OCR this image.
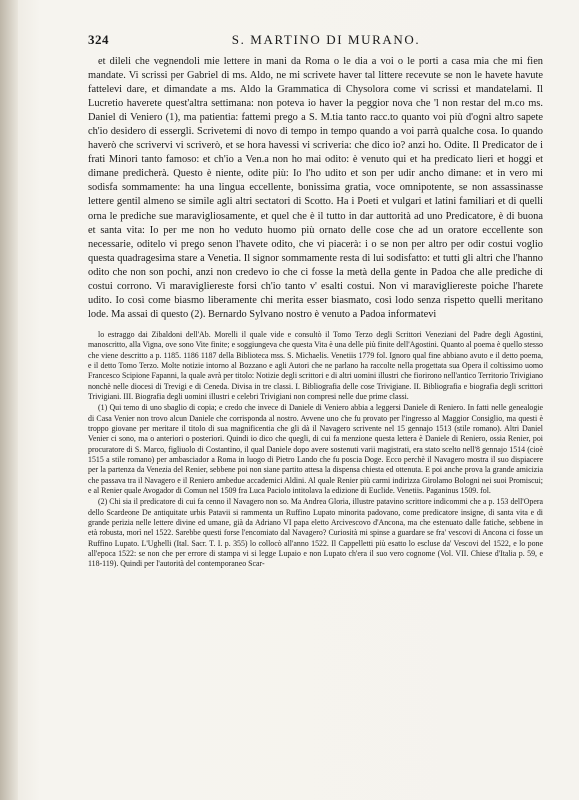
324	S. MARTINO DI MURANO.

et dileli che vegnendoli mie lettere in mani da Roma o le dia a voi o le porti a casa mia che mi fien mandate. Vi scrissi per Gabriel di ms. Aldo, ne mi scrivete haver tal littere recevute se non le havete havute fattelevi dare, et dimandate a ms. Aldo la Grammatica di Chysolora come vi scrissi et mandatelami. Il Lucretio haverete quest'altra settimana: non poteva io haver la peggior nova che 'l non restar del m.co ms. Daniel di Veniero (1), ma patientia: fattemi prego a S. M.tia tanto racc.to quanto voi più d'ogni altro sapete ch'io desidero di essergli. Scrivetemi di novo di tempo in tempo quando a voi parrà qualche cosa. Io quando haverò che scrivervi vi scriverò, et se hora havessi vi scriveria: che dico io? anzi ho. Odite. Il Predicator de i frati Minori tanto famoso: et ch'io a Ven.a non ho mai odito: è venuto qui et ha predicato lieri et hoggi et dimane predicherà. Questo è niente, odite più: Io l'ho udito et son per udir ancho dimane: et in vero mi sodisfa sommamente: ha una lingua eccellente, bonissima gratia, voce omnipotente, se non assassinasse lettere gentil almeno se simile agli altri sectatori di Scotto. Ha i Poeti et vulgari et latini familiari et di quelli orna le prediche sue maravigliosamente, et quel che è il tutto in dar auttorità ad uno Predicatore, è di buona et santa vita: Io per me non ho veduto huomo più ornato delle cose che ad un oratore eccellente son necessarie, oditelo vi prego senon l'havete odito, che vi piacerà: i o se non per altro per odir costui voglio questa quadragesima stare a Venetia. Il signor sommamente resta di lui sodisfatto: et tutti gli altri che l'hanno odito che non son pochi, anzi non credevo io che ci fosse la metà della gente in Padoa che alle prediche di costui corrono. Vi maravigliereste forsi ch'io tanto v' esalti costui. Non vi maravigliereste poiche l'harete udito. Io così come biasmo liberamente chi merita esser biasmato, così lodo senza rispetto quelli meritano lode. Ma assai di questo (2). Bernardo Sylvano nostro è venuto a Padoa informatevi

lo estraggo dai Zibaldoni dell'Ab. Morelli il quale vide e consultò il Tomo Terzo degli Scrittori Veneziani del Padre degli Agostini, manoscritto, alla Vigna, ove sono Vite finite; e soggiungeva che questa Vita è una delle più finite dell'Agostini. Quanto al poema è quello stesso che viene descritto a p. 1185. 1186 1187 della Biblioteca mss. S. Michaelis. Venetiis 1779 fol. Ignoro qual fine abbiano avuto e il detto poema, e il detto Tomo Terzo. Molte notizie intorno al Bozzano e agli Autori che ne parlano ha raccolte nella progettata sua Opera il coltissimo uomo Francesco Scipione Fapanni, la quale avrà per titolo: Notizie degli scrittori e di altri uomini illustri che fiorirono nell'antico Territorio Trivigiano nonchè nelle diocesi di Trevigi e di Ceneda. Divisa in tre classi. I. Bibliografia delle cose Trivigiane. II. Bibliografia e biografia degli scrittori Trivigiani. III. Biografia degli uomini illustri e celebri Trivigiani non compresi nelle due prime classi.

(1) Qui temo di uno sbaglio di copia; e credo che invece di Daniele di Veniero abbia a leggersi Daniele di Reniero. In fatti nelle genealogie di Casa Venier non trovo alcun Daniele che corrisponda al nostro. Avvene uno che fu provato per l'ingresso al Maggior Consiglio, ma questi è troppo giovane per meritare il titolo di sua magnificentia che gli dà il Navagero scrivente nel 15 gennajo 1513 (stile romano). Altri Daniel Venier ci sono, ma o anteriori o posteriori. Quindi io dico che quegli, di cui fa menzione questa lettera è Daniele di Reniero, ossia Renier, poi procuratore di S. Marco, figliuolo di Costantino, il qual Daniele dopo avere sostenuti varii magistrati, era stato scelto nell'8 gennajo 1514 (cioè 1515 a stile romano) per ambasciador a Roma in luogo di Pietro Lando che fu poscia Doge. Ecco perchè il Navagero mostra il suo dispiacere per la partenza da Venezia del Renier, sebbene poi non siane partito attesa la dispensa chiesta ed ottenuta. E poi anche prova la grande amicizia che passava tra il Navagero e il Reniero ambedue accademici Aldini. Al quale Renier più carmi indirizza Girolamo Bologni nei suoi Promiscui; e al Renier quale Avogador di Comun nel 1509 fra Luca Paciolo intitolava la edizione di Euclide. Venetiis. Paganinus 1509. fol.

(2) Chi sia il predicatore di cui fa cenno il Navagero non so. Ma Andrea Gloria, illustre patavino scrittore indicommi che a p. 153 dell'Opera dello Scardeone De antiquitate urbis Patavii si rammenta un Ruffino Lupato minorita padovano, come predicatore insigne, di santa vita e di grande perizia nelle lettere divine ed umane, già da Adriano VI papa eletto Arcivescovo d'Ancona, ma che estenuato dalle fatiche, sebbene in età robusta, morì nel 1522. Sarebbe questi forse l'encomiato dal Navagero? Curiosità mi spinse a guardare se fra' vescovi di Ancona ci fosse un Ruffino Lupato. L'Ughelli (Ital. Sacr. T. I. p. 355) lo collocò all'anno 1522. Il Cappelletti più esatto lo escluse da' Vescovi del 1522, e lo pone all'epoca 1522: se non che per errore di stampa vi si legge Lupaio e non Lupato ch'era il suo vero cognome (Vol. VII. Chiese d'Italia p. 59, e 118-119). Quindi per l'autorità del contemporaneo Scar-
